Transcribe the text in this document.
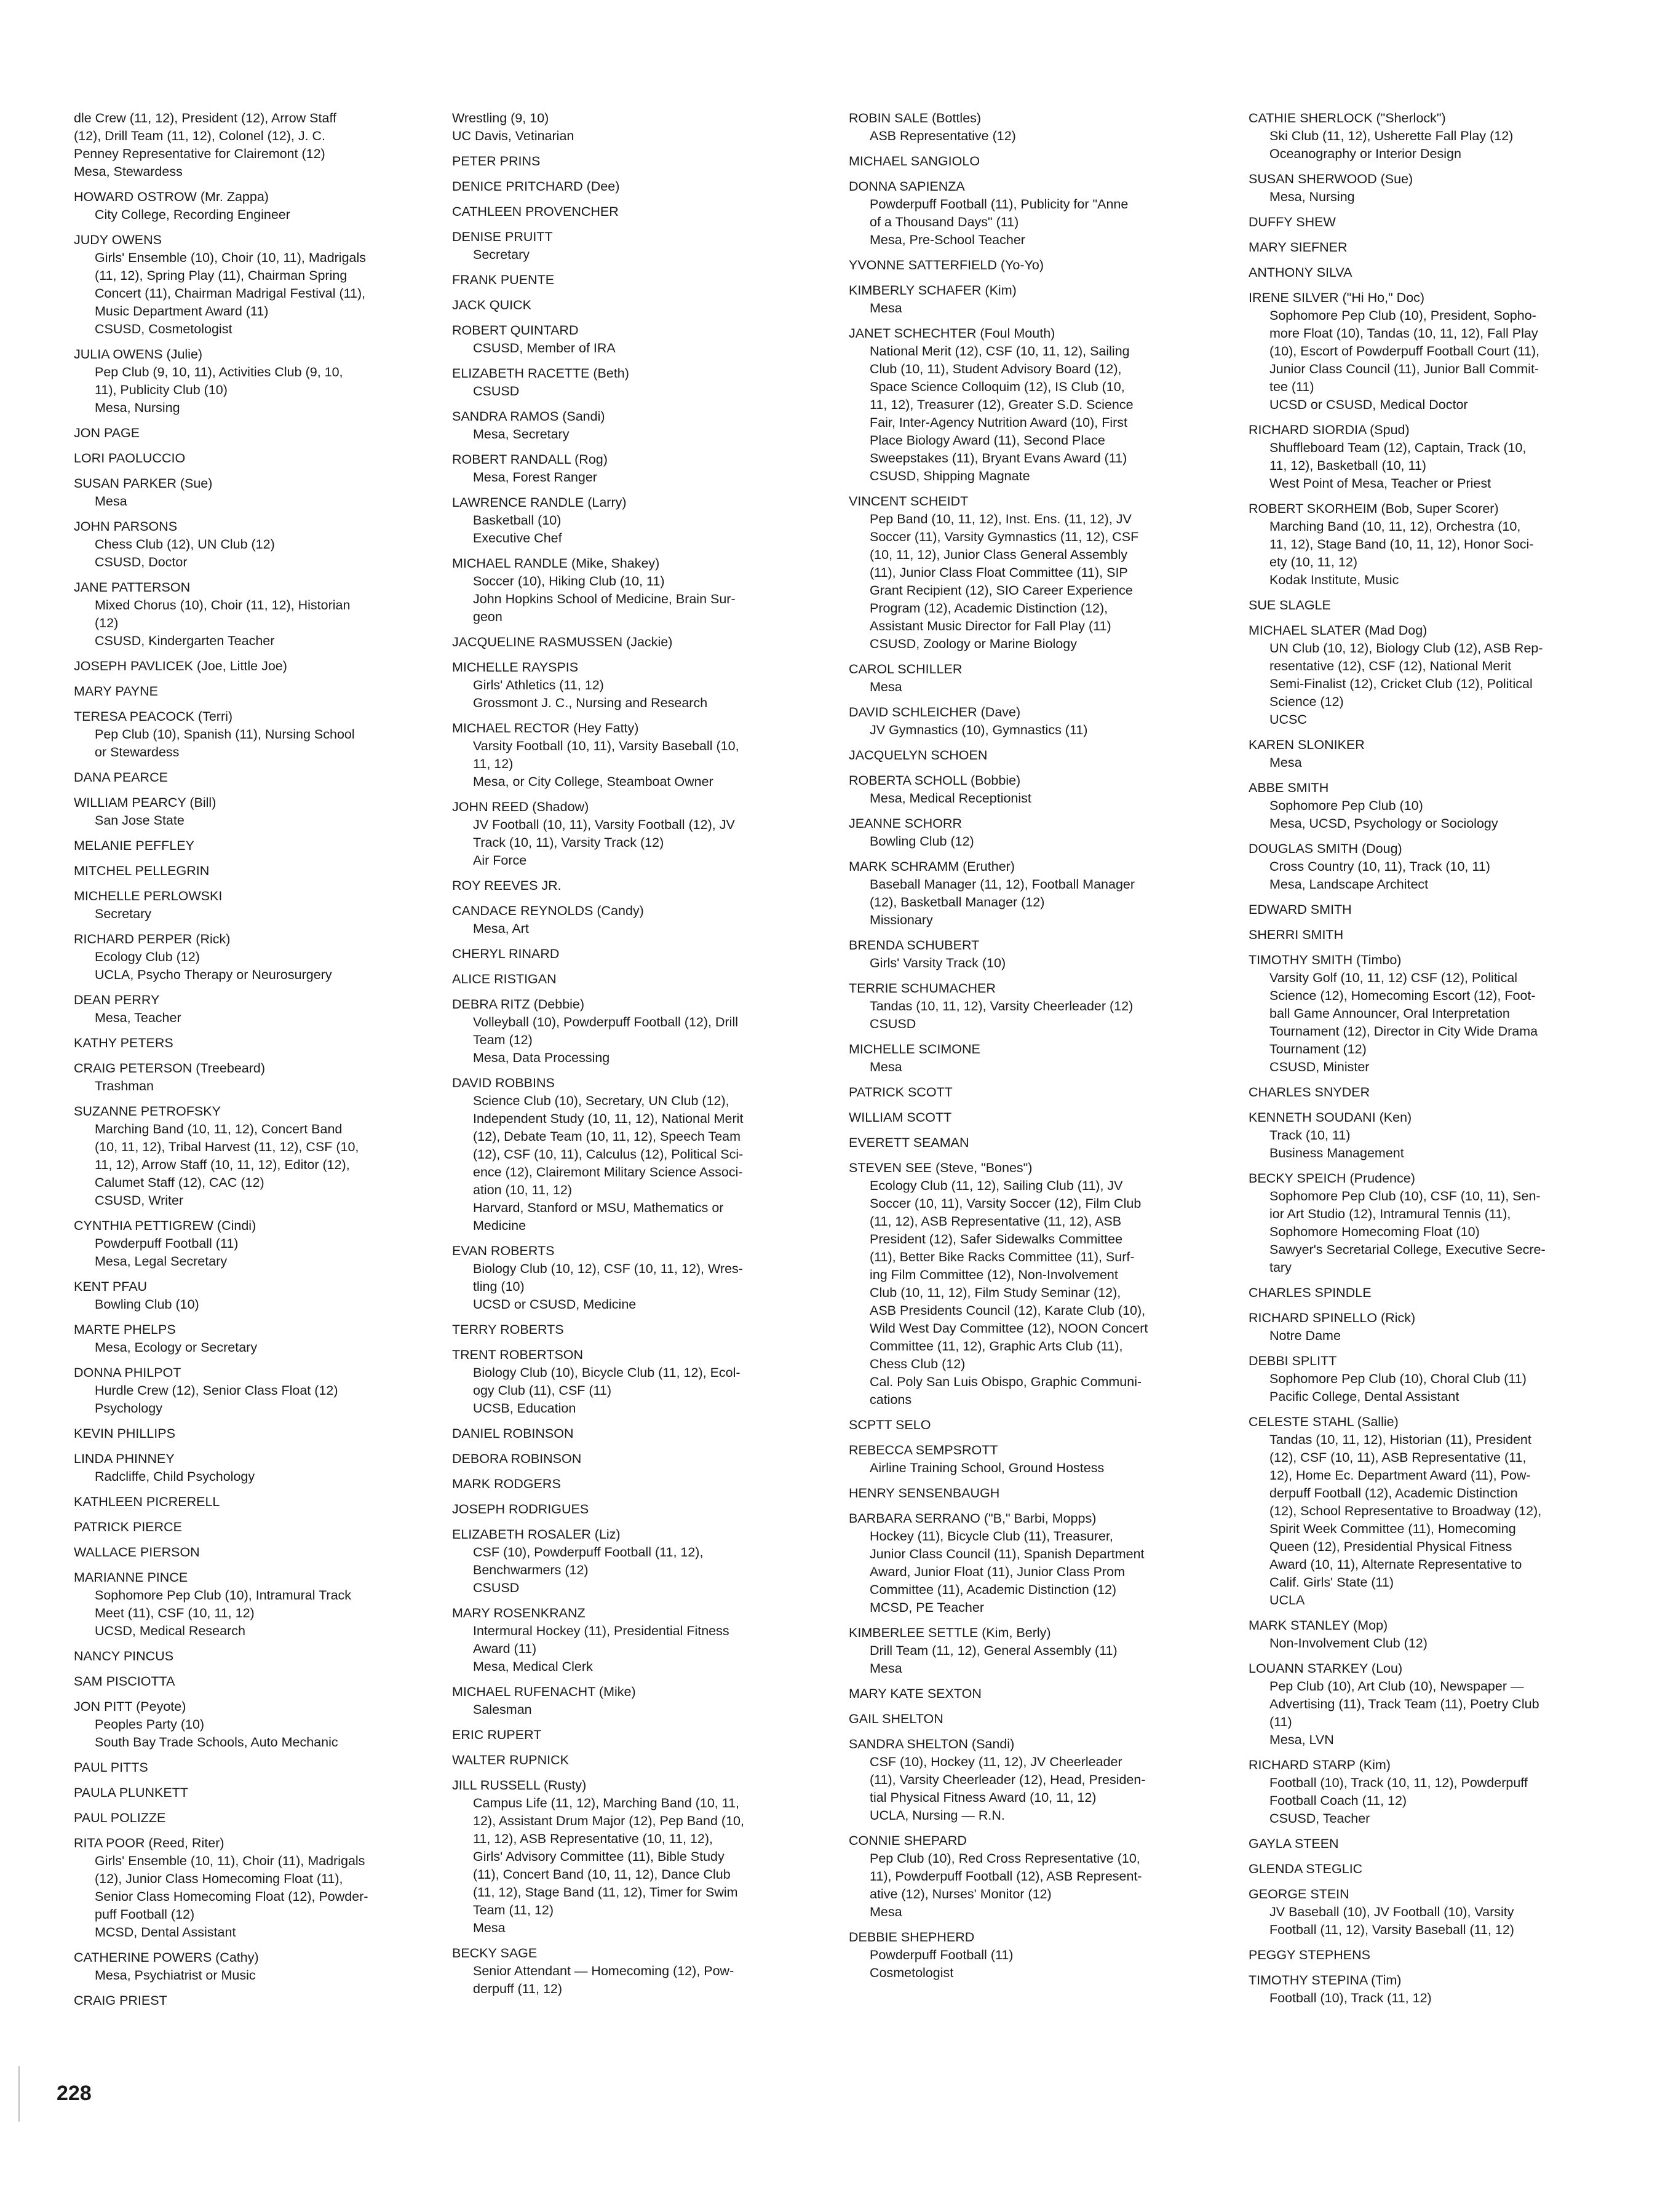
dle Crew (11, 12), President (12), Arrow Staff
(12), Drill Team (11, 12), Colonel (12), J. C.
Penney Representative for Clairemont (12)
Mesa, Stewardess
HOWARD OSTROW (Mr. Zappa)
City College, Recording Engineer
JUDY OWENS
Girls' Ensemble (10), Choir (10, 11), Madrigals
(11, 12), Spring Play (11), Chairman Spring
Concert (11), Chairman Madrigal Festival (11),
Music Department Award (11)
CSUSD, Cosmetologist
JULIA OWENS (Julie)
Pep Club (9, 10, 11), Activities Club (9, 10,
11), Publicity Club (10)
Mesa, Nursing
JON PAGE
LORI PAOLUCCIO
SUSAN PARKER (Sue)
Mesa
JOHN PARSONS
Chess Club (12), UN Club (12)
CSUSD, Doctor
JANE PATTERSON
Mixed Chorus (10), Choir (11, 12), Historian
(12)
CSUSD, Kindergarten Teacher
JOSEPH PAVLICEK (Joe, Little Joe)
MARY PAYNE
TERESA PEACOCK (Terri)
Pep Club (10), Spanish (11), Nursing School
or Stewardess
DANA PEARCE
WILLIAM PEARCY (Bill)
San Jose State
MELANIE PEFFLEY
MITCHEL PELLEGRIN
MICHELLE PERLOWSKI
Secretary
RICHARD PERPER (Rick)
Ecology Club (12)
UCLA, Psycho Therapy or Neurosurgery
DEAN PERRY
Mesa, Teacher
KATHY PETERS
CRAIG PETERSON (Treebeard)
Trashman
SUZANNE PETROFSKY
Marching Band (10, 11, 12), Concert Band
(10, 11, 12), Tribal Harvest (11, 12), CSF (10,
11, 12), Arrow Staff (10, 11, 12), Editor (12),
Calumet Staff (12), CAC (12)
CSUSD, Writer
CYNTHIA PETTIGREW (Cindi)
Powderpuff Football (11)
Mesa, Legal Secretary
KENT PFAU
Bowling Club (10)
MARTE PHELPS
Mesa, Ecology or Secretary
DONNA PHILPOT
Hurdle Crew (12), Senior Class Float (12)
Psychology
KEVIN PHILLIPS
LINDA PHINNEY
Radcliffe, Child Psychology
KATHLEEN PICRERELL
PATRICK PIERCE
WALLACE PIERSON
MARIANNE PINCE
Sophomore Pep Club (10), Intramural Track
Meet (11), CSF (10, 11, 12)
UCSD, Medical Research
NANCY PINCUS
SAM PISCIOTTA
JON PITT (Peyote)
Peoples Party (10)
South Bay Trade Schools, Auto Mechanic
PAUL PITTS
PAULA PLUNKETT
PAUL POLIZZE
RITA POOR (Reed, Riter)
Girls' Ensemble (10, 11), Choir (11), Madrigals
(12), Junior Class Homecoming Float (11),
Senior Class Homecoming Float (12), Powder-
puff Football (12)
MCSD, Dental Assistant
CATHERINE POWERS (Cathy)
Mesa, Psychiatrist or Music
CRAIG PRIEST
Wrestling (9, 10)
UC Davis, Vetinarian
PETER PRINS
DENICE PRITCHARD (Dee)
CATHLEEN PROVENCHER
DENISE PRUITT
Secretary
FRANK PUENTE
JACK QUICK
ROBERT QUINTARD
CSUSD, Member of IRA
ELIZABETH RACETTE (Beth)
CSUSD
SANDRA RAMOS (Sandi)
Mesa, Secretary
ROBERT RANDALL (Rog)
Mesa, Forest Ranger
LAWRENCE RANDLE (Larry)
Basketball (10)
Executive Chef
MICHAEL RANDLE (Mike, Shakey)
Soccer (10), Hiking Club (10, 11)
John Hopkins School of Medicine, Brain Sur-
geon
JACQUELINE RASMUSSEN (Jackie)
MICHELLE RAYSPIS
Girls' Athletics (11, 12)
Grossmont J. C., Nursing and Research
MICHAEL RECTOR (Hey Fatty)
Varsity Football (10, 11), Varsity Baseball (10,
11, 12)
Mesa, or City College, Steamboat Owner
JOHN REED (Shadow)
JV Football (10, 11), Varsity Football (12), JV
Track (10, 11), Varsity Track (12)
Air Force
ROY REEVES JR.
CANDACE REYNOLDS (Candy)
Mesa, Art
CHERYL RINARD
ALICE RISTIGAN
DEBRA RITZ (Debbie)
Volleyball (10), Powderpuff Football (12), Drill
Team (12)
Mesa, Data Processing
DAVID ROBBINS
Science Club (10), Secretary, UN Club (12),
Independent Study (10, 11, 12), National Merit
(12), Debate Team (10, 11, 12), Speech Team
(12), CSF (10, 11), Calculus (12), Political Sci-
ence (12), Clairemont Military Science Associ-
ation (10, 11, 12)
Harvard, Stanford or MSU, Mathematics or
Medicine
EVAN ROBERTS
Biology Club (10, 12), CSF (10, 11, 12), Wres-
tling (10)
UCSD or CSUSD, Medicine
TERRY ROBERTS
TRENT ROBERTSON
Biology Club (10), Bicycle Club (11, 12), Ecol-
ogy Club (11), CSF (11)
UCSB, Education
DANIEL ROBINSON
DEBORA ROBINSON
MARK RODGERS
JOSEPH RODRIGUES
ELIZABETH ROSALER (Liz)
CSF (10), Powderpuff Football (11, 12),
Benchwarmers (12)
CSUSD
MARY ROSENKRANZ
Intermural Hockey (11), Presidential Fitness
Award (11)
Mesa, Medical Clerk
MICHAEL RUFENACHT (Mike)
Salesman
ERIC RUPERT
WALTER RUPNICK
JILL RUSSELL (Rusty)
Campus Life (11, 12), Marching Band (10, 11,
12), Assistant Drum Major (12), Pep Band (10,
11, 12), ASB Representative (10, 11, 12),
Girls' Advisory Committee (11), Bible Study
(11), Concert Band (10, 11, 12), Dance Club
(11, 12), Stage Band (11, 12), Timer for Swim
Team (11, 12)
Mesa
BECKY SAGE
Senior Attendant — Homecoming (12), Pow-
derpuff (11, 12)
ROBIN SALE (Bottles)
ASB Representative (12)
MICHAEL SANGIOLO
DONNA SAPIENZA
Powderpuff Football (11), Publicity for "Anne
of a Thousand Days" (11)
Mesa, Pre-School Teacher
YVONNE SATTERFIELD (Yo-Yo)
KIMBERLY SCHAFER (Kim)
Mesa
JANET SCHECHTER (Foul Mouth)
National Merit (12), CSF (10, 11, 12), Sailing
Club (10, 11), Student Advisory Board (12),
Space Science Colloquim (12), IS Club (10,
11, 12), Treasurer (12), Greater S.D. Science
Fair, Inter-Agency Nutrition Award (10), First
Place Biology Award (11), Second Place
Sweepstakes (11), Bryant Evans Award (11)
CSUSD, Shipping Magnate
VINCENT SCHEIDT
Pep Band (10, 11, 12), Inst. Ens. (11, 12), JV
Soccer (11), Varsity Gymnastics (11, 12), CSF
(10, 11, 12), Junior Class General Assembly
(11), Junior Class Float Committee (11), SIP
Grant Recipient (12), SIO Career Experience
Program (12), Academic Distinction (12),
Assistant Music Director for Fall Play (11)
CSUSD, Zoology or Marine Biology
CAROL SCHILLER
Mesa
DAVID SCHLEICHER (Dave)
JV Gymnastics (10), Gymnastics (11)
JACQUELYN SCHOEN
ROBERTA SCHOLL (Bobbie)
Mesa, Medical Receptionist
JEANNE SCHORR
Bowling Club (12)
MARK SCHRAMM (Eruther)
Baseball Manager (11, 12), Football Manager
(12), Basketball Manager (12)
Missionary
BRENDA SCHUBERT
Girls' Varsity Track (10)
TERRIE SCHUMACHER
Tandas (10, 11, 12), Varsity Cheerleader (12)
CSUSD
MICHELLE SCIMONE
Mesa
PATRICK SCOTT
WILLIAM SCOTT
EVERETT SEAMAN
STEVEN SEE (Steve, "Bones")
Ecology Club (11, 12), Sailing Club (11), JV
Soccer (10, 11), Varsity Soccer (12), Film Club
(11, 12), ASB Representative (11, 12), ASB
President (12), Safer Sidewalks Committee
(11), Better Bike Racks Committee (11), Surf-
ing Film Committee (12), Non-Involvement
Club (10, 11, 12), Film Study Seminar (12),
ASB Presidents Council (12), Karate Club (10),
Wild West Day Committee (12), NOON Concert
Committee (11, 12), Graphic Arts Club (11),
Chess Club (12)
Cal. Poly San Luis Obispo, Graphic Communi-
cations
SCPTT SELO
REBECCA SEMPSROTT
Airline Training School, Ground Hostess
HENRY SENSENBAUGH
BARBARA SERRANO ("B," Barbi, Mopps)
Hockey (11), Bicycle Club (11), Treasurer,
Junior Class Council (11), Spanish Department
Award, Junior Float (11), Junior Class Prom
Committee (11), Academic Distinction (12)
MCSD, PE Teacher
KIMBERLEE SETTLE (Kim, Berly)
Drill Team (11, 12), General Assembly (11)
Mesa
MARY KATE SEXTON
GAIL SHELTON
SANDRA SHELTON (Sandi)
CSF (10), Hockey (11, 12), JV Cheerleader
(11), Varsity Cheerleader (12), Head, Presiden-
tial Physical Fitness Award (10, 11, 12)
UCLA, Nursing — R.N.
CONNIE SHEPARD
Pep Club (10), Red Cross Representative (10,
11), Powderpuff Football (12), ASB Represent-
ative (12), Nurses' Monitor (12)
Mesa
DEBBIE SHEPHERD
Powderpuff Football (11)
Cosmetologist
CATHIE SHERLOCK ("Sherlock")
Ski Club (11, 12), Usherette Fall Play (12)
Oceanography or Interior Design
SUSAN SHERWOOD (Sue)
Mesa, Nursing
DUFFY SHEW
MARY SIEFNER
ANTHONY SILVA
IRENE SILVER ("Hi Ho," Doc)
Sophomore Pep Club (10), President, Sopho-
more Float (10), Tandas (10, 11, 12), Fall Play
(10), Escort of Powderpuff Football Court (11),
Junior Class Council (11), Junior Ball Commit-
tee (11)
UCSD or CSUSD, Medical Doctor
RICHARD SIORDIA (Spud)
Shuffleboard Team (12), Captain, Track (10,
11, 12), Basketball (10, 11)
West Point of Mesa, Teacher or Priest
ROBERT SKORHEIM (Bob, Super Scorer)
Marching Band (10, 11, 12), Orchestra (10,
11, 12), Stage Band (10, 11, 12), Honor Soci-
ety (10, 11, 12)
Kodak Institute, Music
SUE SLAGLE
MICHAEL SLATER (Mad Dog)
UN Club (10, 12), Biology Club (12), ASB Rep-
resentative (12), CSF (12), National Merit
Semi-Finalist (12), Cricket Club (12), Political
Science (12)
UCSC
KAREN SLONIKER
Mesa
ABBE SMITH
Sophomore Pep Club (10)
Mesa, UCSD, Psychology or Sociology
DOUGLAS SMITH (Doug)
Cross Country (10, 11), Track (10, 11)
Mesa, Landscape Architect
EDWARD SMITH
SHERRI SMITH
TIMOTHY SMITH (Timbo)
Varsity Golf (10, 11, 12) CSF (12), Political
Science (12), Homecoming Escort (12), Foot-
ball Game Announcer, Oral Interpretation
Tournament (12), Director in City Wide Drama
Tournament (12)
CSUSD, Minister
CHARLES SNYDER
KENNETH SOUDANI (Ken)
Track (10, 11)
Business Management
BECKY SPEICH (Prudence)
Sophomore Pep Club (10), CSF (10, 11), Sen-
ior Art Studio (12), Intramural Tennis (11),
Sophomore Homecoming Float (10)
Sawyer's Secretarial College, Executive Secre-
tary
CHARLES SPINDLE
RICHARD SPINELLO (Rick)
Notre Dame
DEBBI SPLITT
Sophomore Pep Club (10), Choral Club (11)
Pacific College, Dental Assistant
CELESTE STAHL (Sallie)
Tandas (10, 11, 12), Historian (11), President
(12), CSF (10, 11), ASB Representative (11,
12), Home Ec. Department Award (11), Pow-
derpuff Football (12), Academic Distinction
(12), School Representative to Broadway (12),
Spirit Week Committee (11), Homecoming
Queen (12), Presidential Physical Fitness
Award (10, 11), Alternate Representative to
Calif. Girls' State (11)
UCLA
MARK STANLEY (Mop)
Non-Involvement Club (12)
LOUANN STARKEY (Lou)
Pep Club (10), Art Club (10), Newspaper —
Advertising (11), Track Team (11), Poetry Club
(11)
Mesa, LVN
RICHARD STARP (Kim)
Football (10), Track (10, 11, 12), Powderpuff
Football Coach (11, 12)
CSUSD, Teacher
GAYLA STEEN
GLENDA STEGLIC
GEORGE STEIN
JV Baseball (10), JV Football (10), Varsity
Football (11, 12), Varsity Baseball (11, 12)
PEGGY STEPHENS
TIMOTHY STEPINA (Tim)
Football (10), Track (11, 12)
228
